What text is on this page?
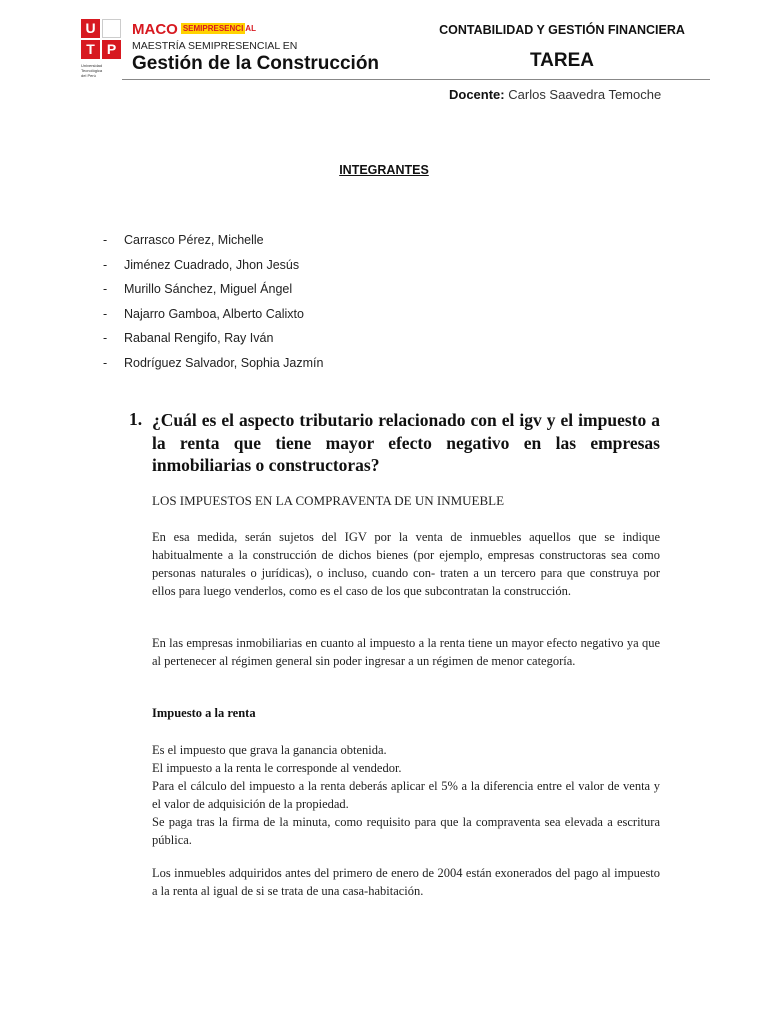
U
T P
Universidad
Tecnológica
del Perú
MACO SEMIPRESENCI $^{AL}$
MAESTRÍA SEMIPRESENCIAL EN
Gestión de la Construcción
CONTABILIDAD Y GESTIÓN FINANCIERA
TAREA
Docente: Carlos Saavedra Temoche
INTEGRANTES
- Carrasco Pérez, Michelle
- Jiménez Cuadrado, Jhon Jesús
- Murillo Sánchez, Miguel Ángel
- Najarro Gamboa, Alberto Calixto
- Rabanal Rengifo, Ray Iván
- Rodríguez Salvador, Sophia Jazmín
1. ¿Cuál es el aspecto tributario relacionado con el igv y el impuesto a la renta que tiene mayor efecto negativo en las empresas inmobiliarias o constructoras?
LOS IMPUESTOS EN LA COMPRAVENTA DE UN INMUEBLE
En esa medida, serán sujetos del IGV por la venta de inmuebles aquellos que se indique habitualmente a la construcción de dichos bienes (por ejemplo, empresas constructoras sea como personas naturales o jurídicas), o incluso, cuando con- traten a un tercero para que construya por ellos para luego venderlos, como es el caso de los que subcontratan la construcción.
En las empresas inmobiliarias en cuanto al impuesto a la renta tiene un mayor efecto negativo ya que al pertenecer al régimen general sin poder ingresar a un régimen de menor categoría.
Impuesto a la renta
Es el impuesto que grava la ganancia obtenida.
El impuesto a la renta le corresponde al vendedor.
Para el cálculo del impuesto a la renta deberás aplicar el 5% a la diferencia entre el valor de venta y el valor de adquisición de la propiedad.
Se paga tras la firma de la minuta, como requisito para que la compraventa sea elevada a escritura pública.
Los inmuebles adquiridos antes del primero de enero de 2004 están exonerados del pago al impuesto a la renta al igual de si se trata de una casa-habitación.
